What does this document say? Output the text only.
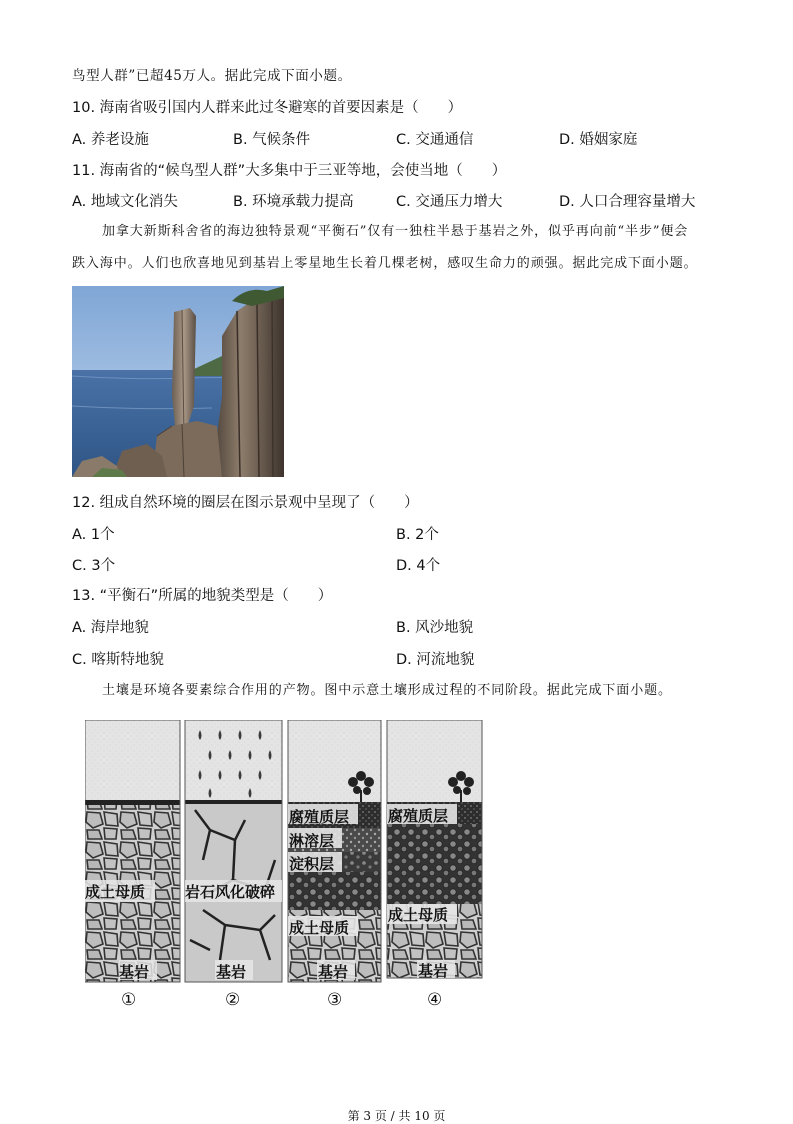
鸟型人群”已超45万人。据此完成下面小题。
10. 海南省吸引国内人群来此过冬避寒的首要因素是（　　）
A. 养老设施	B. 气候条件	C. 交通通信	D. 婚姻家庭
11. 海南省的“候鸟型人群”大多集中于三亚等地，会使当地（　　）
A. 地域文化消失	B. 环境承载力提高	C. 交通压力增大	D. 人口合理容量增大
加拿大新斯科舍省的海边独特景观“平衡石”仅有一独柱半悬于基岩之外，似乎再向前“半步”便会
跌入海中。人们也欣喜地见到基岩上零星地生长着几棵老树，感叹生命力的顽强。据此完成下面小题。
12. 组成自然环境的圈层在图示景观中呈现了（　　）
A. 1个	B. 2个
C. 3个	D. 4个
13. “平衡石”所属的地貌类型是（　　）
A. 海岸地貌	B. 风沙地貌
C. 喀斯特地貌	D. 河流地貌
土壤是环境各要素综合作用的产物。图中示意土壤形成过程的不同阶段。据此完成下面小题。
成土母质
基岩
岩石风化破碎
基岩
腐殖质层
淋溶层
淀积层
成土母质
基岩
腐殖质层
成土母质
基岩
①	②	③	④
第 3 页 / 共 10 页
